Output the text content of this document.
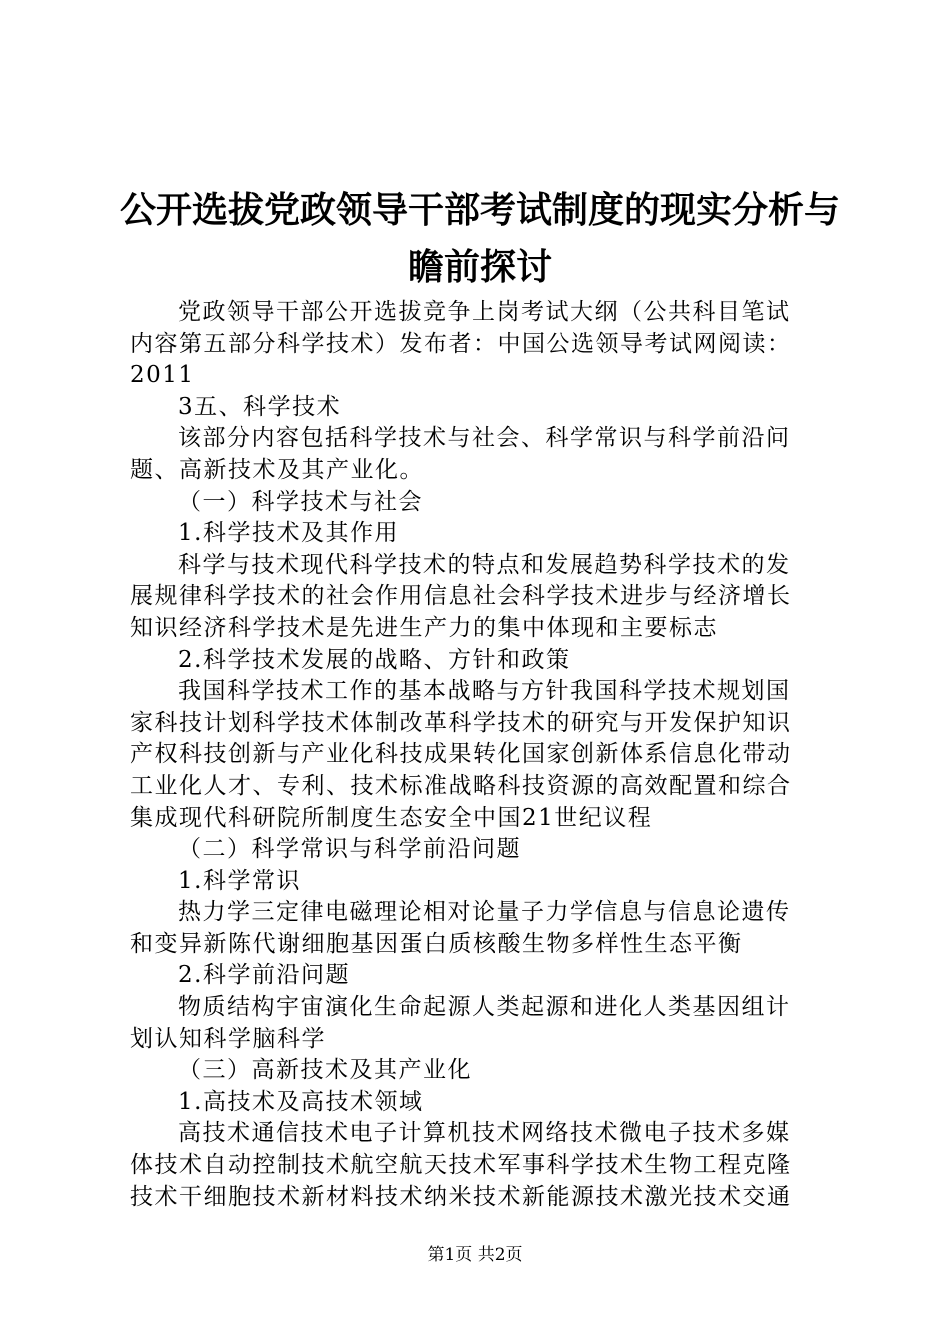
公开选拔党政领导干部考试制度的现实分析与
瞻前探讨

党政领导干部公开选拔竞争上岗考试大纲（公共科目笔试

内容第五部分科学技术）发布者：中国公选领导考试网阅读：

2011

3五、科学技术

该部分内容包括科学技术与社会、科学常识与科学前沿问

题、高新技术及其产业化。

（一）科学技术与社会

1.科学技术及其作用

科学与技术现代科学技术的特点和发展趋势科学技术的发

展规律科学技术的社会作用信息社会科学技术进步与经济增长

知识经济科学技术是先进生产力的集中体现和主要标志

2.科学技术发展的战略、方针和政策

我国科学技术工作的基本战略与方针我国科学技术规划国

家科技计划科学技术体制改革科学技术的研究与开发保护知识

产权科技创新与产业化科技成果转化国家创新体系信息化带动

工业化人才、专利、技术标准战略科技资源的高效配置和综合

集成现代科研院所制度生态安全中国21世纪议程

（二）科学常识与科学前沿问题

1.科学常识

热力学三定律电磁理论相对论量子力学信息与信息论遗传

和变异新陈代谢细胞基因蛋白质核酸生物多样性生态平衡

2.科学前沿问题

物质结构宇宙演化生命起源人类起源和进化人类基因组计

划认知科学脑科学

（三）高新技术及其产业化

1.高技术及高技术领域

高技术通信技术电子计算机技术网络技术微电子技术多媒

体技术自动控制技术航空航天技术军事科学技术生物工程克隆

技术干细胞技术新材料技术纳米技术新能源技术激光技术交通

第1页 共2页
